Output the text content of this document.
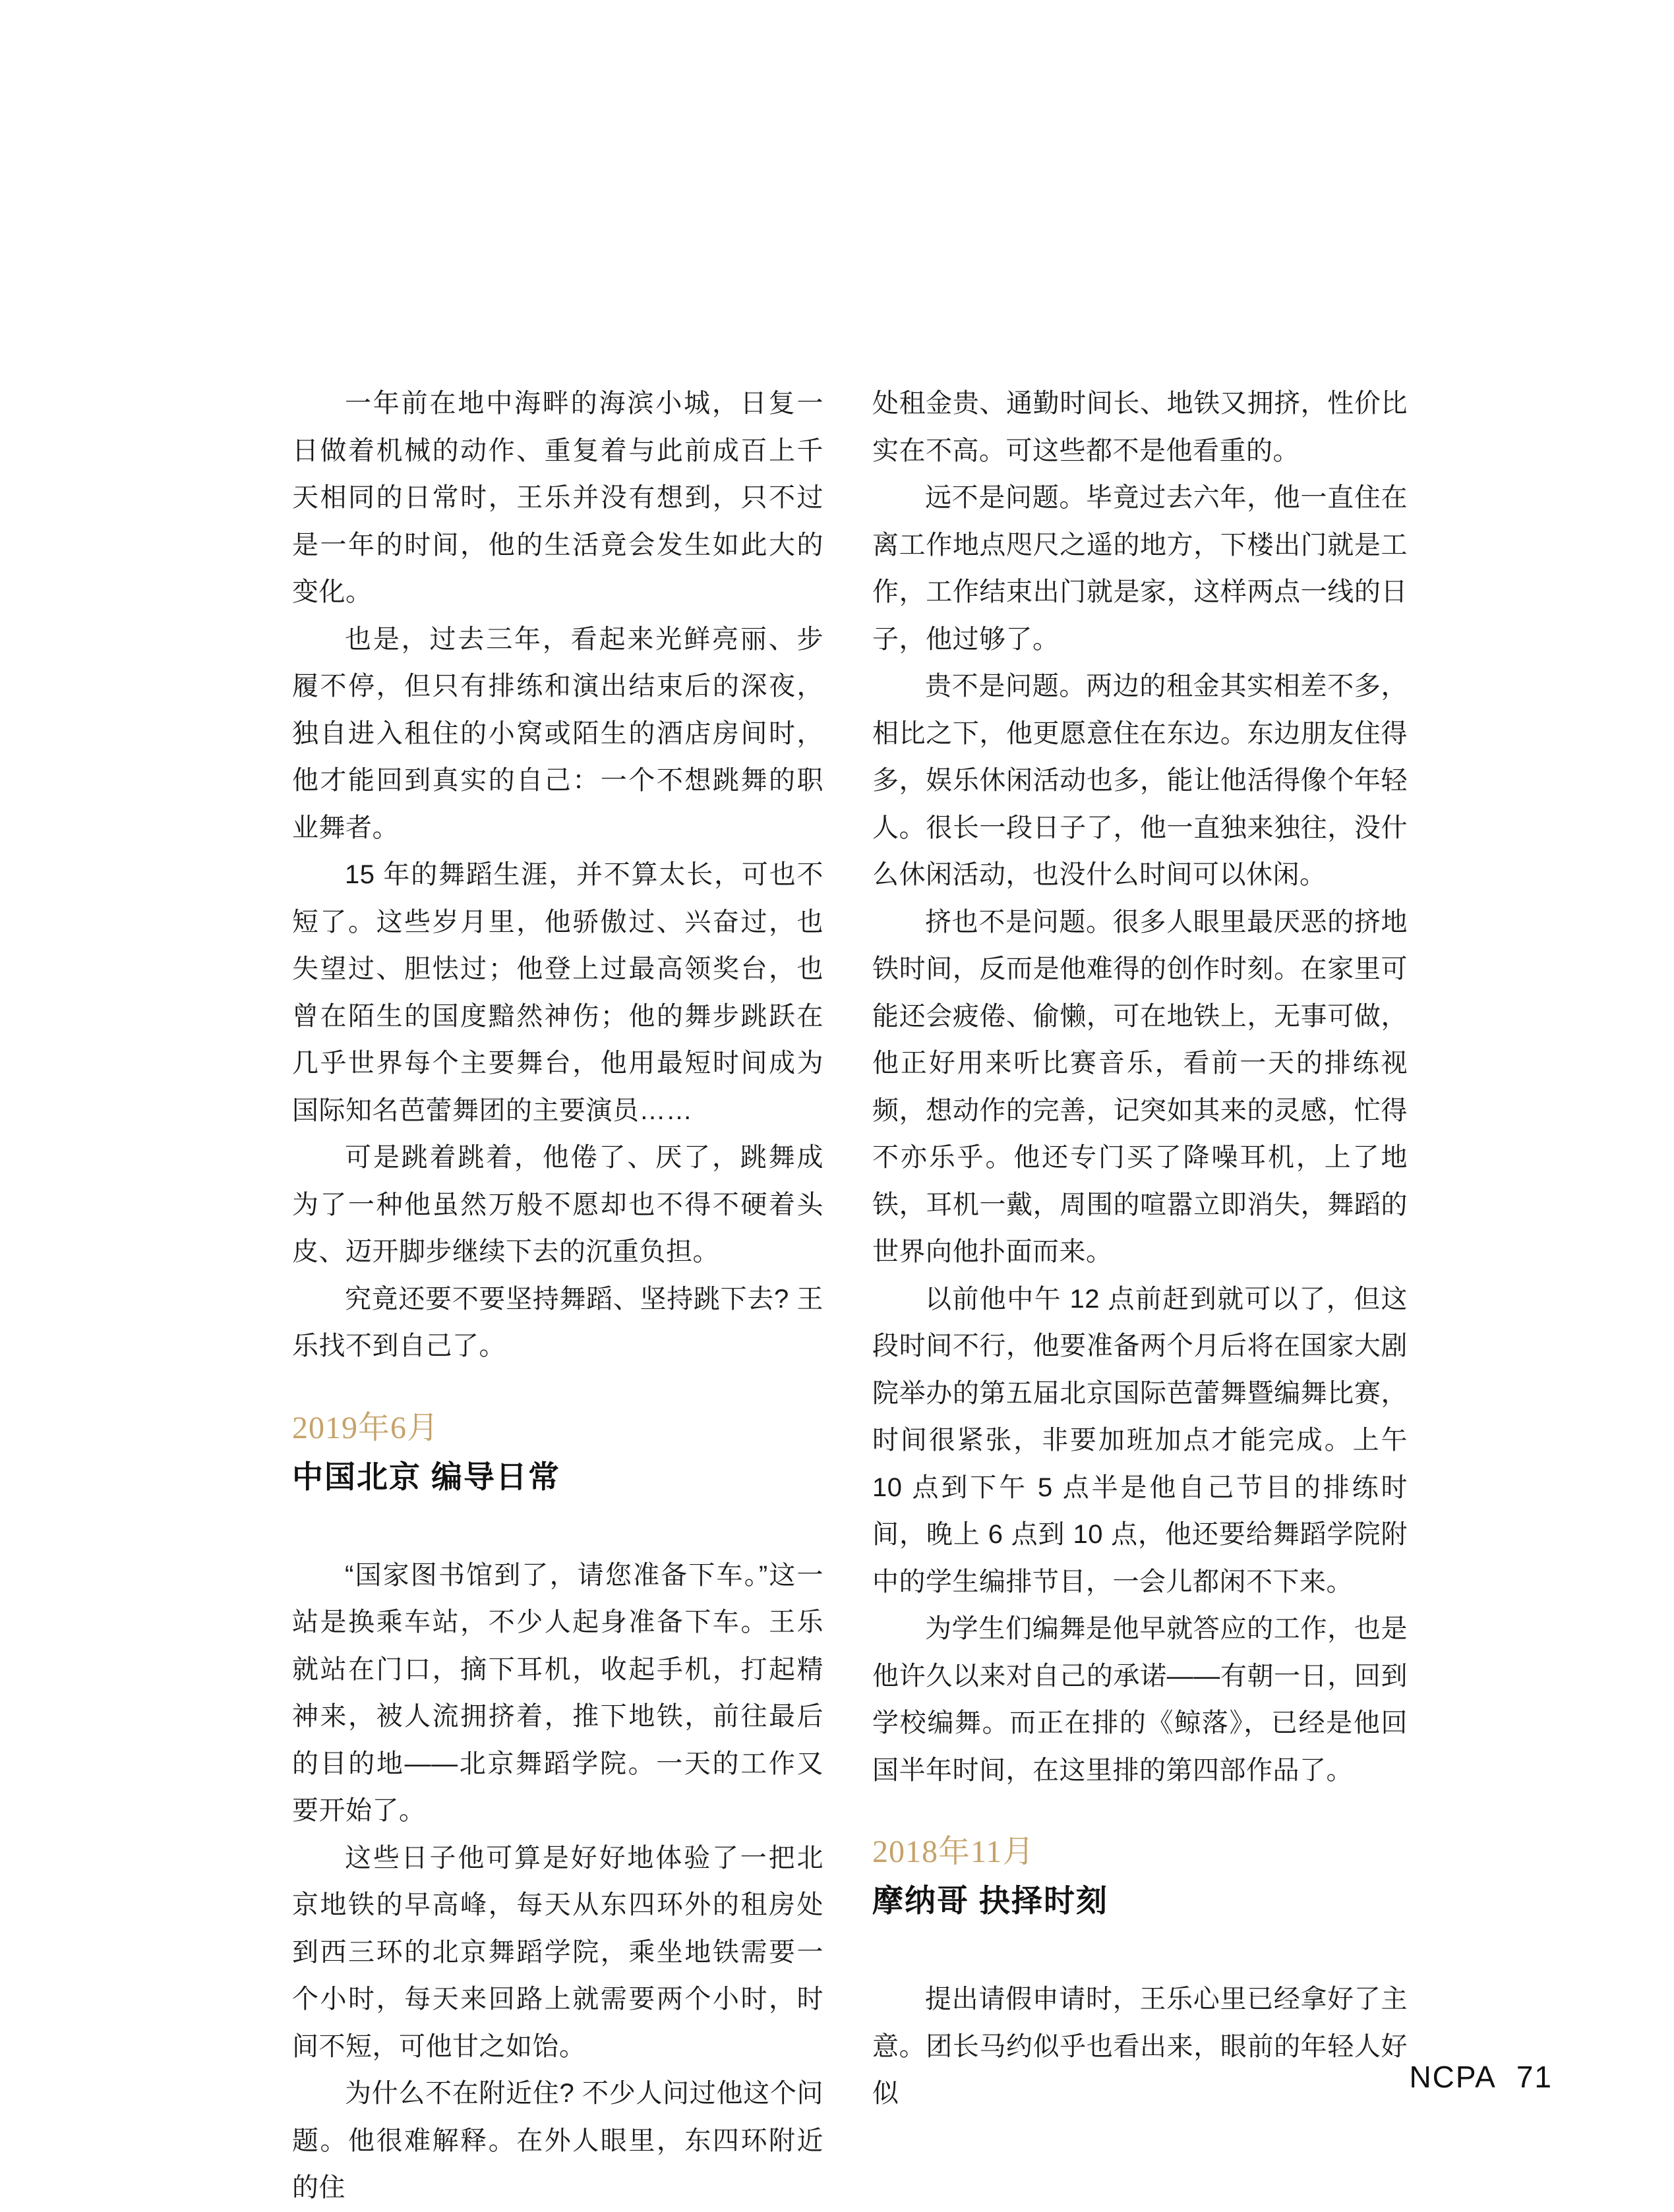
一年前在地中海畔的海滨小城，日复一日做着机械的动作、重复着与此前成百上千天相同的日常时，王乐并没有想到，只不过是一年的时间，他的生活竟会发生如此大的变化。

也是，过去三年，看起来光鲜亮丽、步履不停，但只有排练和演出结束后的深夜，独自进入租住的小窝或陌生的酒店房间时，他才能回到真实的自己：一个不想跳舞的职业舞者。

15 年的舞蹈生涯，并不算太长，可也不短了。这些岁月里，他骄傲过、兴奋过，也失望过、胆怯过；他登上过最高领奖台，也曾在陌生的国度黯然神伤；他的舞步跳跃在几乎世界每个主要舞台，他用最短时间成为国际知名芭蕾舞团的主要演员……

可是跳着跳着，他倦了、厌了，跳舞成为了一种他虽然万般不愿却也不得不硬着头皮、迈开脚步继续下去的沉重负担。

究竟还要不要坚持舞蹈、坚持跳下去? 王乐找不到自己了。

2019年6月
中国北京 编导日常

“国家图书馆到了，请您准备下车。”这一站是换乘车站，不少人起身准备下车。王乐就站在门口，摘下耳机，收起手机，打起精神来，被人流拥挤着，推下地铁，前往最后的目的地——北京舞蹈学院。一天的工作又要开始了。

这些日子他可算是好好地体验了一把北京地铁的早高峰，每天从东四环外的租房处到西三环的北京舞蹈学院，乘坐地铁需要一个小时，每天来回路上就需要两个小时，时间不短，可他甘之如饴。

为什么不在附近住? 不少人问过他这个问题。他很难解释。在外人眼里，东四环附近的住

处租金贵、通勤时间长、地铁又拥挤，性价比实在不高。可这些都不是他看重的。

远不是问题。毕竟过去六年，他一直住在离工作地点咫尺之遥的地方，下楼出门就是工作，工作结束出门就是家，这样两点一线的日子，他过够了。

贵不是问题。两边的租金其实相差不多，相比之下，他更愿意住在东边。东边朋友住得多，娱乐休闲活动也多，能让他活得像个年轻人。很长一段日子了，他一直独来独往，没什么休闲活动，也没什么时间可以休闲。

挤也不是问题。很多人眼里最厌恶的挤地铁时间，反而是他难得的创作时刻。在家里可能还会疲倦、偷懒，可在地铁上，无事可做，他正好用来听比赛音乐，看前一天的排练视频，想动作的完善，记突如其来的灵感，忙得不亦乐乎。他还专门买了降噪耳机，上了地铁，耳机一戴，周围的喧嚣立即消失，舞蹈的世界向他扑面而来。

以前他中午 12 点前赶到就可以了，但这段时间不行，他要准备两个月后将在国家大剧院举办的第五届北京国际芭蕾舞暨编舞比赛，时间很紧张，非要加班加点才能完成。上午 10 点到下午 5 点半是他自己节目的排练时间，晚上 6 点到 10 点，他还要给舞蹈学院附中的学生编排节目，一会儿都闲不下来。

为学生们编舞是他早就答应的工作，也是他许久以来对自己的承诺——有朝一日，回到学校编舞。而正在排的《鲸落》，已经是他回国半年时间，在这里排的第四部作品了。

2018年11月
摩纳哥 抉择时刻

提出请假申请时，王乐心里已经拿好了主意。团长马约似乎也看出来，眼前的年轻人好似	NCPA 71
